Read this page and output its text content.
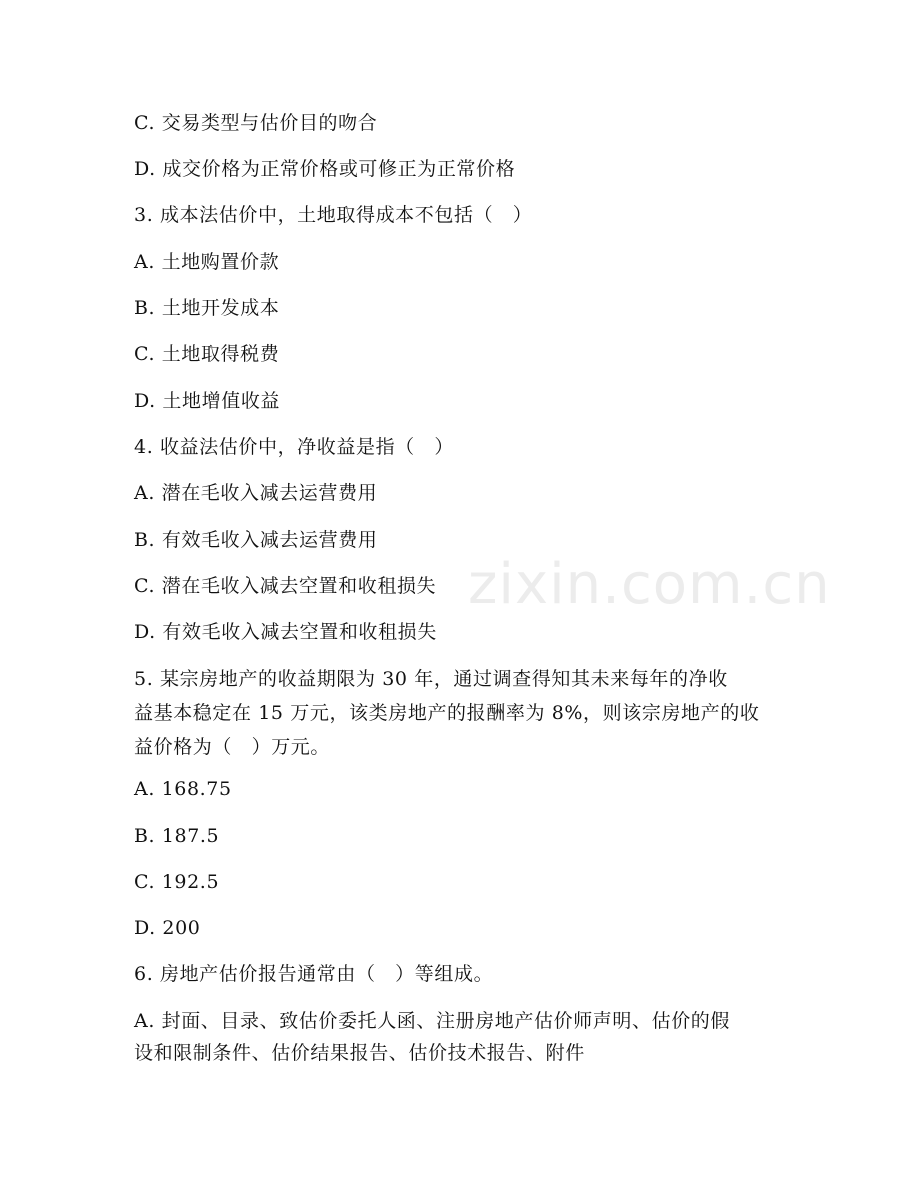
zixin.com.cn
C. 交易类型与估价目的吻合
D. 成交价格为正常价格或可修正为正常价格
3. 成本法估价中，土地取得成本不包括（　）
A. 土地购置价款
B. 土地开发成本
C. 土地取得税费
D. 土地增值收益
4. 收益法估价中，净收益是指（　）
A. 潜在毛收入减去运营费用
B. 有效毛收入减去运营费用
C. 潜在毛收入减去空置和收租损失
D. 有效毛收入减去空置和收租损失
5. 某宗房地产的收益期限为 30 年，通过调查得知其未来每年的净收
益基本稳定在 15 万元，该类房地产的报酬率为 8%，则该宗房地产的收
益价格为（　）万元。
A. 168.75
B. 187.5
C. 192.5
D. 200
6. 房地产估价报告通常由（　）等组成。
A. 封面、目录、致估价委托人函、注册房地产估价师声明、估价的假
设和限制条件、估价结果报告、估价技术报告、附件
